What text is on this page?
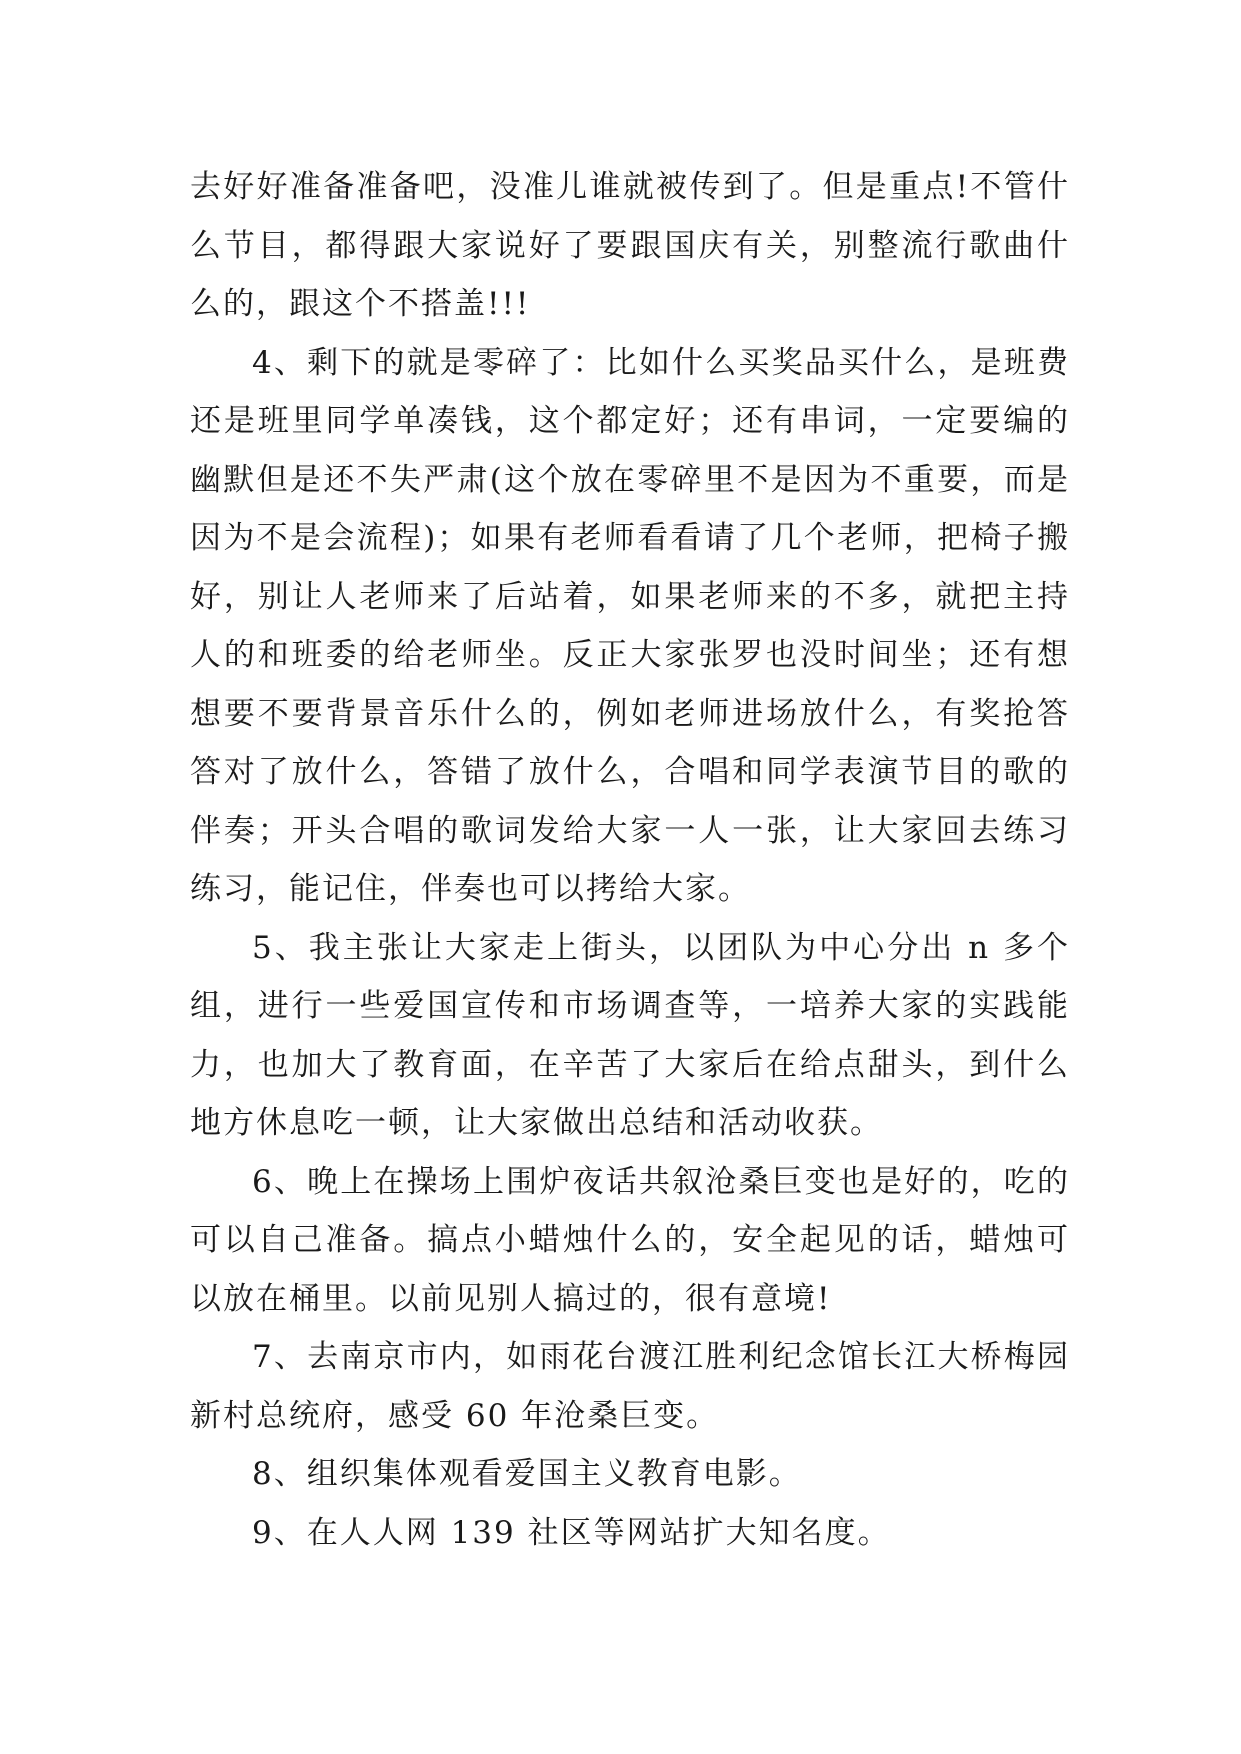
去好好准备准备吧，没准儿谁就被传到了。但是重点!不管什么节目，都得跟大家说好了要跟国庆有关，别整流行歌曲什么的，跟这个不搭盖!!!

4、剩下的就是零碎了：比如什么买奖品买什么，是班费还是班里同学单凑钱，这个都定好；还有串词，一定要编的幽默但是还不失严肃(这个放在零碎里不是因为不重要，而是因为不是会流程)；如果有老师看看请了几个老师，把椅子搬好，别让人老师来了后站着，如果老师来的不多，就把主持人的和班委的给老师坐。反正大家张罗也没时间坐；还有想想要不要背景音乐什么的，例如老师进场放什么，有奖抢答答对了放什么，答错了放什么，合唱和同学表演节目的歌的伴奏；开头合唱的歌词发给大家一人一张，让大家回去练习练习，能记住，伴奏也可以拷给大家。

5、我主张让大家走上街头，以团队为中心分出 n 多个组，进行一些爱国宣传和市场调查等，一培养大家的实践能力，也加大了教育面，在辛苦了大家后在给点甜头，到什么地方休息吃一顿，让大家做出总结和活动收获。

6、晚上在操场上围炉夜话共叙沧桑巨变也是好的，吃的可以自己准备。搞点小蜡烛什么的，安全起见的话，蜡烛可以放在桶里。以前见别人搞过的，很有意境!

7、去南京市内，如雨花台渡江胜利纪念馆长江大桥梅园新村总统府，感受 60 年沧桑巨变。

8、组织集体观看爱国主义教育电影。

9、在人人网 139 社区等网站扩大知名度。
